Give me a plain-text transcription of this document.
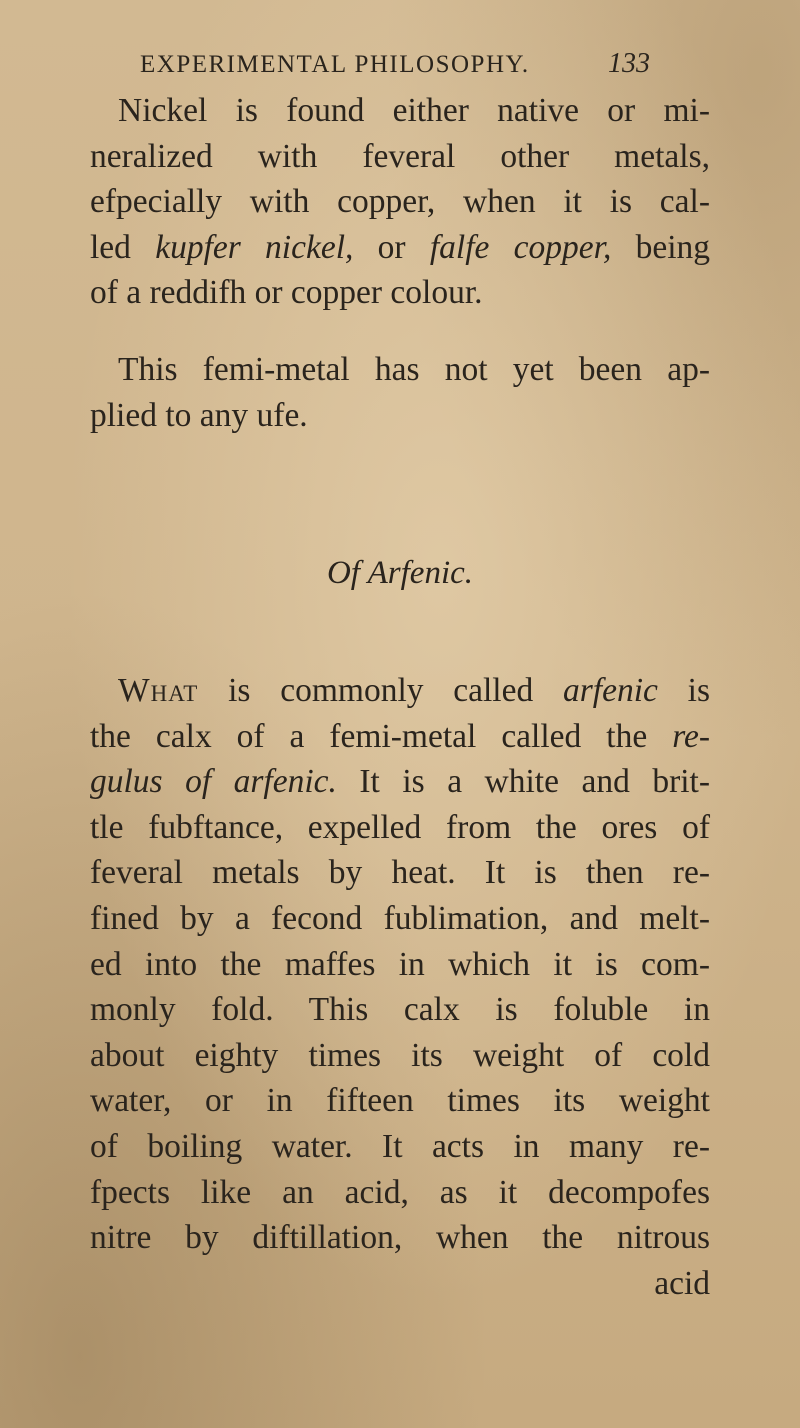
EXPERIMENTAL PHILOSOPHY.	133
Nickel is found either native or mi-
neralized with feveral other metals,
efpecially with copper, when it is cal-
led kupfer nickel, or falfe copper, being
of a reddifh or copper colour.
This femi-metal has not yet been ap-
plied to any ufe.
Of Arfenic.
What is commonly called arfenic is
the calx of a femi-metal called the re-
gulus of arfenic. It is a white and brit-
tle fubftance, expelled from the ores of
feveral metals by heat. It is then re-
fined by a fecond fublimation, and melt-
ed into the maffes in which it is com-
monly fold. This calx is foluble in
about eighty times its weight of cold
water, or in fifteen times its weight
of boiling water. It acts in many re-
fpects like an acid, as it decompofes
nitre by diftillation, when the nitrous
acid
